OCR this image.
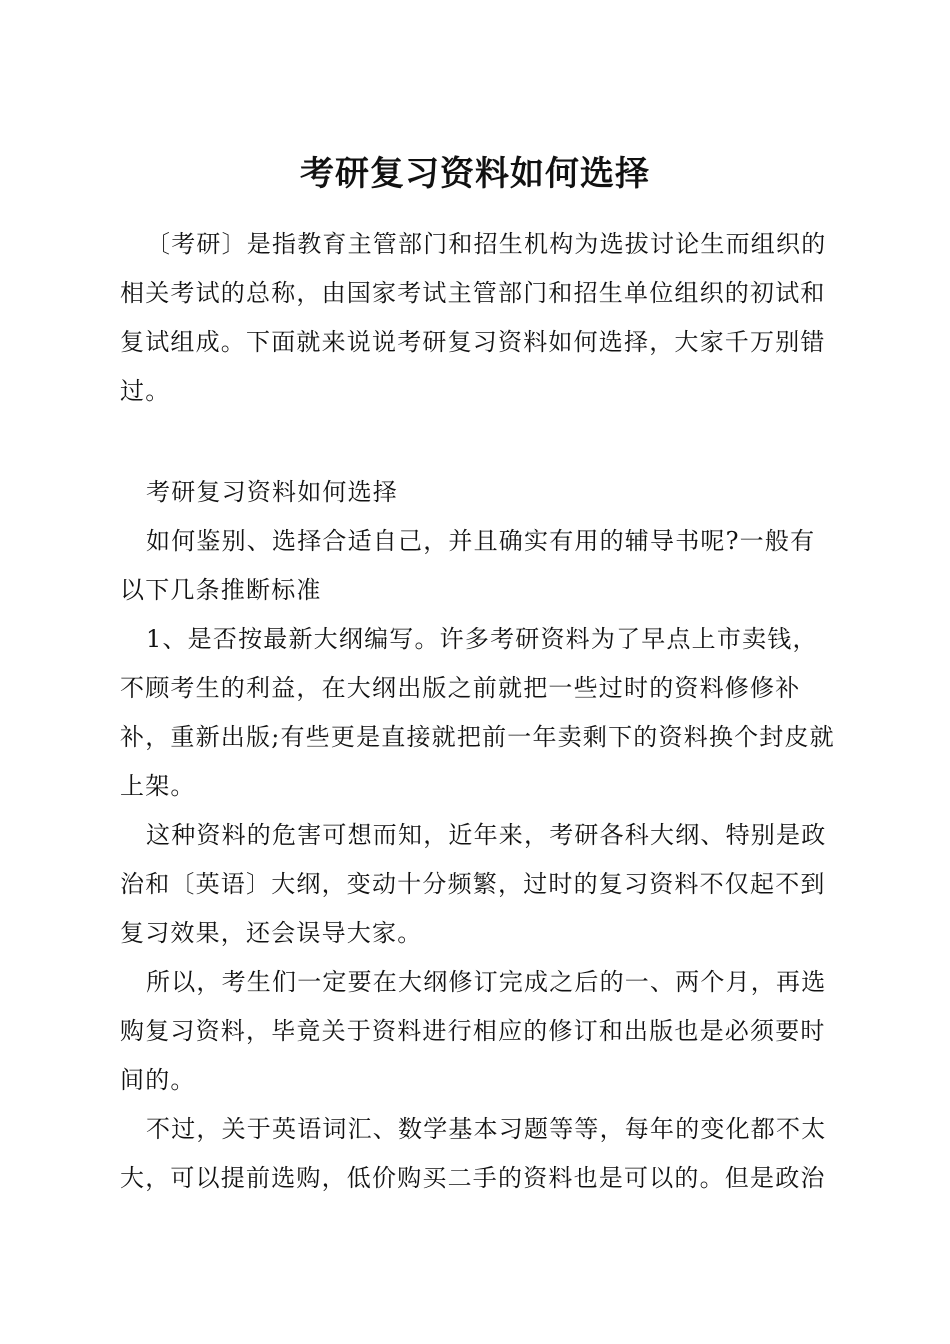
考研复习资料如何选择

〔考研〕是指教育主管部门和招生机构为选拔讨论生而组织的相关考试的总称，由国家考试主管部门和招生单位组织的初试和复试组成。下面就来说说考研复习资料如何选择，大家千万别错过。

考研复习资料如何选择

如何鉴别、选择合适自己，并且确实有用的辅导书呢?一般有以下几条推断标准

1、是否按最新大纲编写。许多考研资料为了早点上市卖钱，不顾考生的利益，在大纲出版之前就把一些过时的资料修修补补，重新出版;有些更是直接就把前一年卖剩下的资料换个封皮就上架。

这种资料的危害可想而知，近年来，考研各科大纲、特别是政治和〔英语〕大纲，变动十分频繁，过时的复习资料不仅起不到复习效果，还会误导大家。

所以，考生们一定要在大纲修订完成之后的一、两个月，再选购复习资料，毕竟关于资料进行相应的修订和出版也是必须要时间的。

不过，关于英语词汇、数学基本习题等等，每年的变化都不太大，可以提前选购，低价购买二手的资料也是可以的。但是政治
